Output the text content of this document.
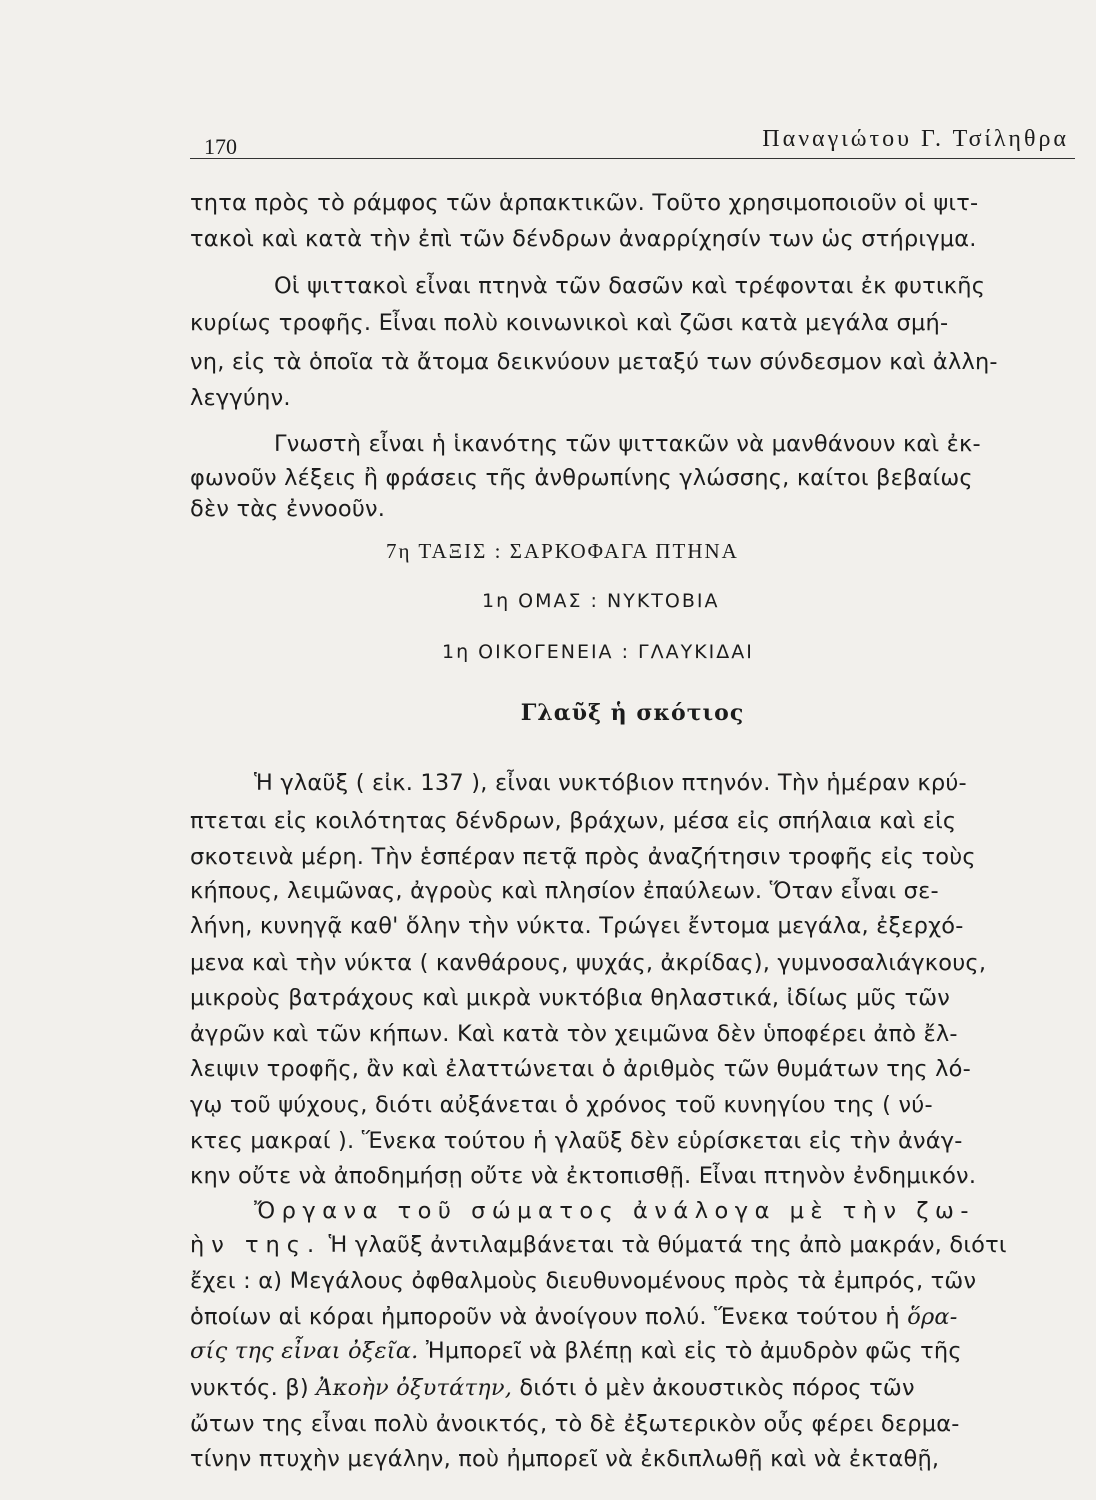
170	Παναγιώτου Γ. Τσίληθρα
τητα πρὸς τὸ ράμφος τῶν ἁρπακτικῶν. Τοῦτο χρησιμοποιοῦν οἱ ψιτ-
τακοὶ καὶ κατὰ τὴν ἐπὶ τῶν δένδρων ἀναρρίχησίν των ὡς στήριγμα.
Οἱ ψιττακοὶ εἶναι πτηνὰ τῶν δασῶν καὶ τρέφονται ἐκ φυτικῆς
κυρίως τροφῆς. Εἶναι πολὺ κοινωνικοὶ καὶ ζῶσι κατὰ μεγάλα σμή-
νη, εἰς τὰ ὁποῖα τὰ ἄτομα δεικνύουν μεταξύ των σύνδεσμον καὶ ἀλλη-
λεγγύην.
Γνωστὴ εἶναι ἡ ἱκανότης τῶν ψιττακῶν νὰ μανθάνουν καὶ ἐκ-
φωνοῦν λέξεις ἢ φράσεις τῆς ἀνθρωπίνης γλώσσης, καίτοι βεβαίως
δὲν τὰς ἐννοοῦν.
7η ΤΑΞΙΣ : ΣΑΡΚΟΦΑΓΑ ΠΤΗΝΑ
1η ΟΜΑΣ : ΝΥΚΤΟΒΙΑ
1η ΟΙΚΟΓΕΝΕΙΑ : ΓΛΑΥΚΙΔΑΙ
Γλαῦξ ἡ σκότιος
Ἡ γλαῦξ ( εἰκ. 137 ), εἶναι νυκτόβιον πτηνόν. Τὴν ἡμέραν κρύ-
πτεται εἰς κοιλότητας δένδρων, βράχων, μέσα εἰς σπήλαια καὶ εἰς
σκοτεινὰ μέρη. Τὴν ἑσπέραν πετᾷ πρὸς ἀναζήτησιν τροφῆς εἰς τοὺς
κήπους, λειμῶνας, ἀγροὺς καὶ πλησίον ἐπαύλεων. Ὅταν εἶναι σε-
λήνη, κυνηγᾷ καθ' ὅλην τὴν νύκτα. Τρώγει ἔντομα μεγάλα, ἐξερχό-
μενα καὶ τὴν νύκτα ( κανθάρους, ψυχάς, ἀκρίδας), γυμνοσαλιάγκους,
μικροὺς βατράχους καὶ μικρὰ νυκτόβια θηλαστικά, ἰδίως μῦς τῶν
ἀγρῶν καὶ τῶν κήπων. Καὶ κατὰ τὸν χειμῶνα δὲν ὑποφέρει ἀπὸ ἔλ-
λειψιν τροφῆς, ἂν καὶ ἐλαττώνεται ὁ ἀριθμὸς τῶν θυμάτων της λό-
γῳ τοῦ ψύχους, διότι αὐξάνεται ὁ χρόνος τοῦ κυνηγίου της ( νύ-
κτες μακραί ). Ἕνεκα τούτου ἡ γλαῦξ δὲν εὑρίσκεται εἰς τὴν ἀνάγ-
κην οὔτε νὰ ἀποδημήσῃ οὔτε νὰ ἐκτοπισθῇ. Εἶναι πτηνὸν ἐνδημικόν.
Ὄργανα τοῦ σώματος ἀνάλογα μὲ τὴν ζω-
ὴν της. Ἡ γλαῦξ ἀντιλαμβάνεται τὰ θύματά της ἀπὸ μακράν, διότι
ἔχει : α) Μεγάλους ὀφθαλμοὺς διευθυνομένους πρὸς τὰ ἐμπρός, τῶν
ὁποίων αἱ κόραι ἠμποροῦν νὰ ἀνοίγουν πολύ. Ἕνεκα τούτου ἡ ὅρα-
σίς της εἶναι ὀξεῖα. Ἠμπορεῖ νὰ βλέπῃ καὶ εἰς τὸ ἀμυδρὸν φῶς τῆς
νυκτός. β) Ἀκοὴν ὀξυτάτην, διότι ὁ μὲν ἀκουστικὸς πόρος τῶν
ὤτων της εἶναι πολὺ ἀνοικτός, τὸ δὲ ἐξωτερικὸν οὖς φέρει δερμα-
τίνην πτυχὴν μεγάλην, ποὺ ἠμπορεῖ νὰ ἐκδιπλωθῇ καὶ νὰ ἐκταθῇ,
